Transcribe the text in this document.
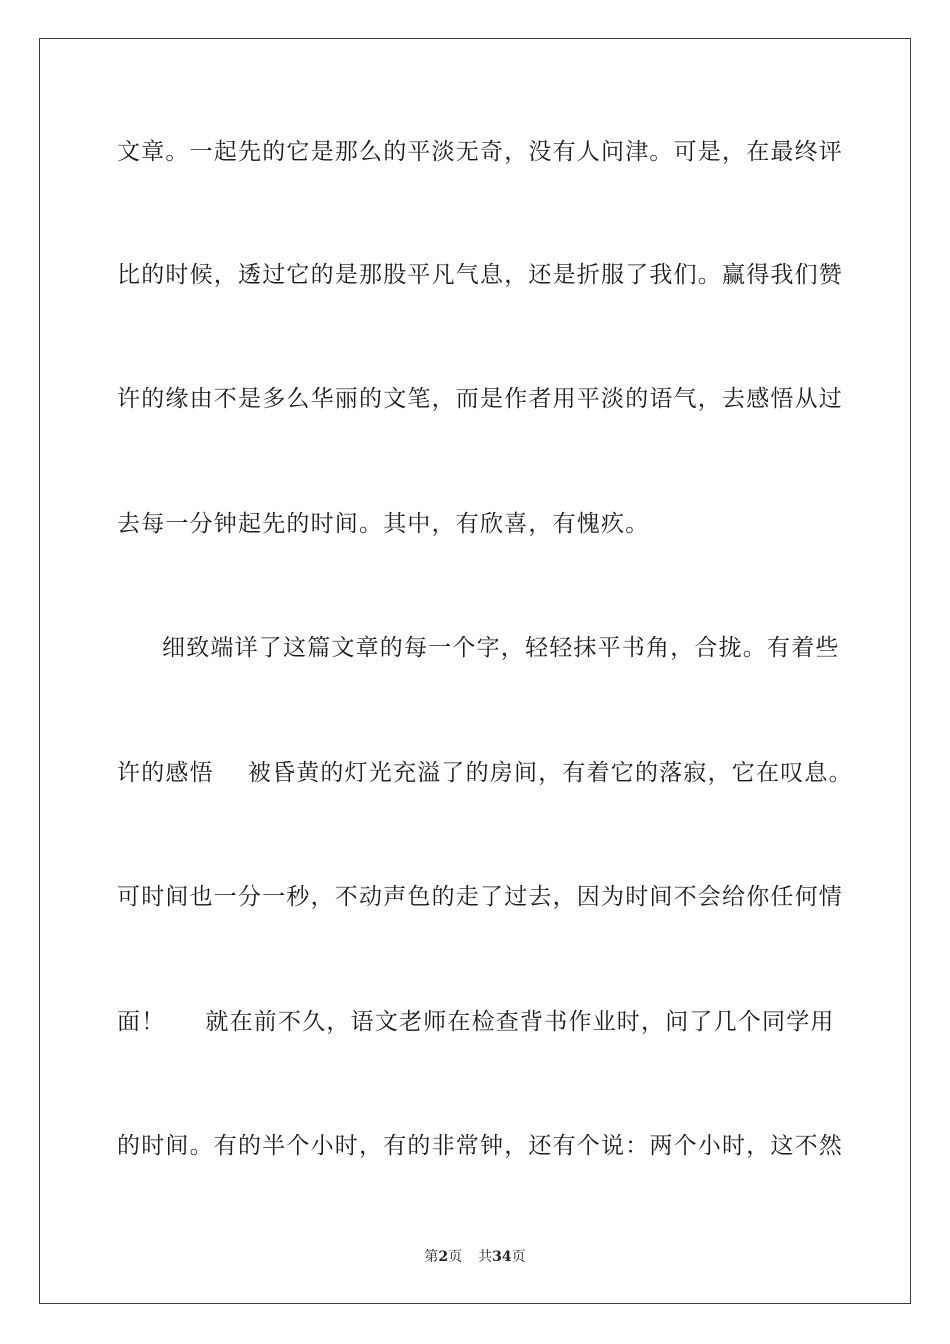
文章。一起先的它是那么的平淡无奇，没有人问津。可是，在最终评
比的时候，透过它的是那股平凡气息，还是折服了我们。赢得我们赞
许的缘由不是多么华丽的文笔，而是作者用平淡的语气，去感悟从过
去每一分钟起先的时间。其中，有欣喜，有愧疚。
细致端详了这篇文章的每一个字，轻轻抹平书角，合拢。有着些
许的感悟 被昏黄的灯光充溢了的房间，有着它的落寂，它在叹息。
可时间也一分一秒，不动声色的走了过去，因为时间不会给你任何情
面！ 就在前不久，语文老师在检查背书作业时，问了几个同学用
的时间。有的半个小时，有的非常钟，还有个说：两个小时，这不然
第2页 共34页
